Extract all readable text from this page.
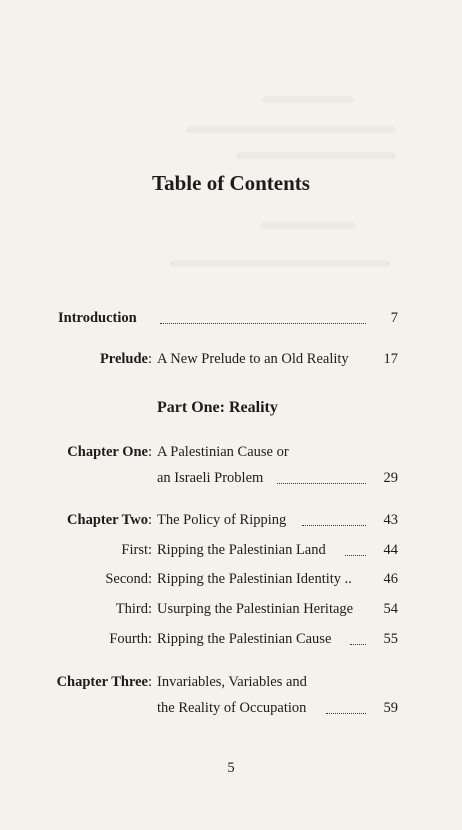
Table of Contents
Introduction	7
Prelude : A New Prelude to an Old Reality 17
Part One: Reality
Chapter One : A Palestinian Cause or
an Israeli Problem	29
Chapter Two : The Policy of Ripping	43
First : Ripping the Palestinian Land	44
Second : Ripping the Palestinian Identity .. 46
Third : Usurping the Palestinian Heritage 54
Fourth : Ripping the Palestinian Cause	55
Chapter Three : Invariables, Variables and
the Reality of Occupation	59
5
